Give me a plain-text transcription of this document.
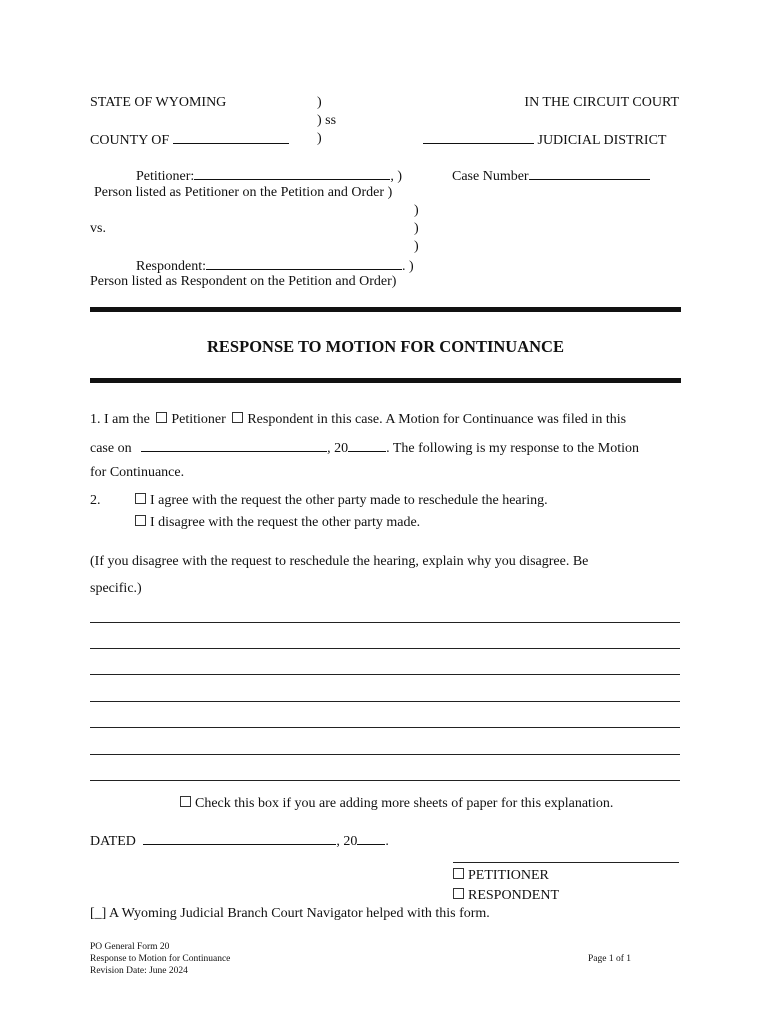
STATE OF WYOMING	)
) ss
COUNTY OF	)
IN THE CIRCUIT COURT
JUDICIAL DISTRICT
Petitioner:	, )
Person listed as Petitioner on the Petition and Order )
)
vs.	)
)
Respondent:	. )
Person listed as Respondent on the Petition and Order)
Case Number
RESPONSE TO MOTION FOR CONTINUANCE
1. I am the Petitioner Respondent in this case. A Motion for Continuance was filed in this
case on	, 20	. The following is my response to the Motion
for Continuance.
2.	I agree with the request the other party made to reschedule the hearing.
I disagree with the request the other party made.
(If you disagree with the request to reschedule the hearing, explain why you disagree. Be
specific.)
Check this box if you are adding more sheets of paper for this explanation.
DATED	, 20 .
PETITIONER
RESPONDENT
[_] A Wyoming Judicial Branch Court Navigator helped with this form.
PO General Form 20
Response to Motion for Continuance
Revision Date: June 2024
Page 1 of 1
